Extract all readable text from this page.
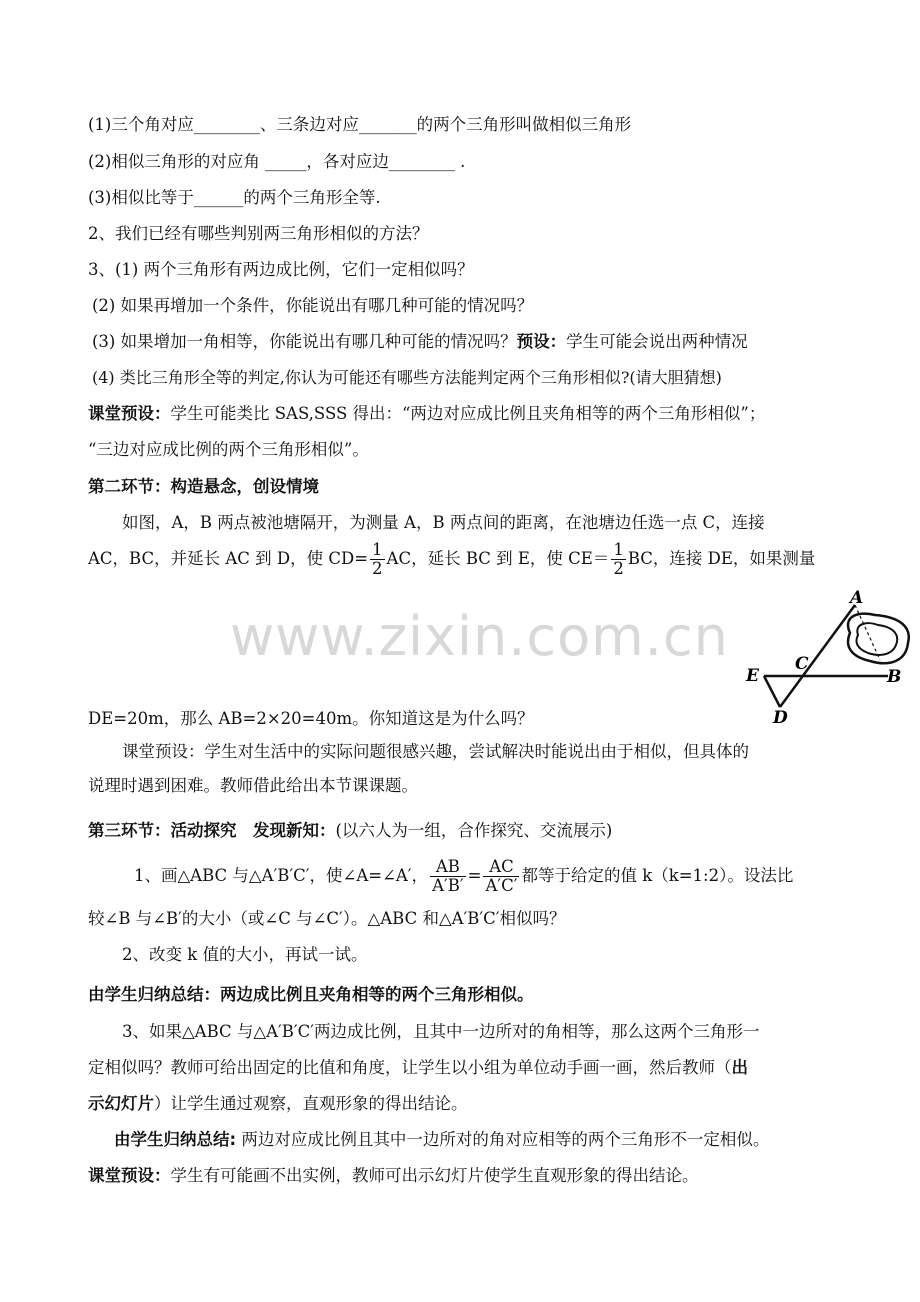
www.zixin.com.cn
(1)三个角对应________、三条边对应_______的两个三角形叫做相似三角形
(2)相似三角形的对应角 _____，各对应边________ .
(3)相似比等于______的两个三角形全等.
2、我们已经有哪些判别两三角形相似的方法？
3、(1) 两个三角形有两边成比例，它们一定相似吗？
(2) 如果再增加一个条件，你能说出有哪几种可能的情况吗？
(3) 如果增加一角相等，你能说出有哪几种可能的情况吗？预设：学生可能会说出两种情况
(4) 类比三角形全等的判定,你认为可能还有哪些方法能判定两个三角形相似?(请大胆猜想)
课堂预设：学生可能类比 SAS,SSS 得出：“两边对应成比例且夹角相等的两个三角形相似”；
“三边对应成比例的两个三角形相似”。
第二环节：构造悬念，创设情境
如图，A，B 两点被池塘隔开，为测量 A，B 两点间的距离，在池塘边任选一点 C，连接
AC，BC，并延长 AC 到 D，使 $CD= \frac{1}{2}$ AC，延长 BC 到 E，使 $CE= \frac{1}{2}$ BC，连接 DE，如果测量
A
B
C
D
E
DE=20m，那么 AB=2×20=40m。你知道这是为什么吗？
课堂预设：学生对生活中的实际问题很感兴趣，尝试解决时能说出由于相似，但具体的
说理时遇到困难。教师借此给出本节课课题。
第三环节：活动探究　发现新知：(以六人为一组，合作探究、交流展示)
1、画△ABC 与△A′B′C′，使∠A=∠A′， $\frac{AB}{A'B'} = \frac{AC}{A'C'}$ 都等于给定的值 k（k=1:2）。设法比
较∠B 与∠B′的大小（或∠C 与∠C′）。△ABC 和△A′B′C′相似吗？
2、改变 k 值的大小，再试一试。
由学生归纳总结：两边成比例且夹角相等的两个三角形相似。
3、如果△ABC 与△A′B′C′两边成比例，且其中一边所对的角相等，那么这两个三角形一
定相似吗？教师可给出固定的比值和角度，让学生以小组为单位动手画一画，然后教师（出
示幻灯片）让学生通过观察，直观形象的得出结论。
由学生归纳总结: 两边对应成比例且其中一边所对的角对应相等的两个三角形不一定相似。
课堂预设：学生有可能画不出实例，教师可出示幻灯片使学生直观形象的得出结论。
